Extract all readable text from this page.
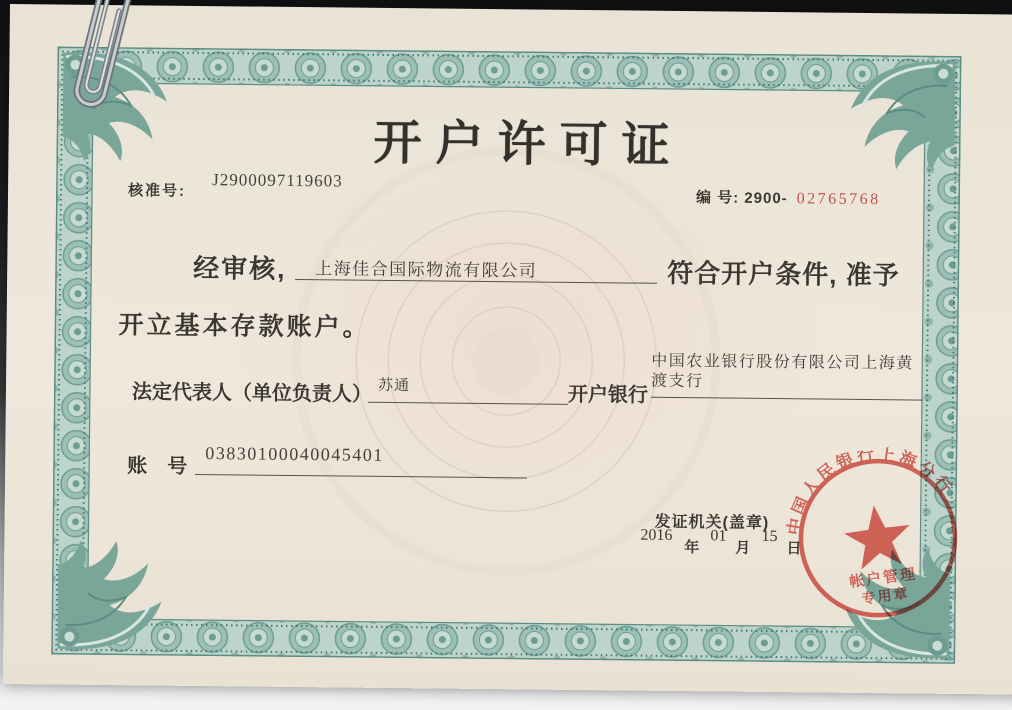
开户许可证
核准号:
J2900097119603
编 号: 2900- 02765768
经审核, 上海佳合国际物流有限公司	符合开户条件, 准予
开立基本存款账户。
法定代表人（单位负责人） 苏通	开户银行
中国农业银行股份有限公司上海黄渡支行
账　号
03830100040045401
发证机关(盖章)
2016
年
01
月
15
日
中国人民银行上海分行
帐户管理
专用章
